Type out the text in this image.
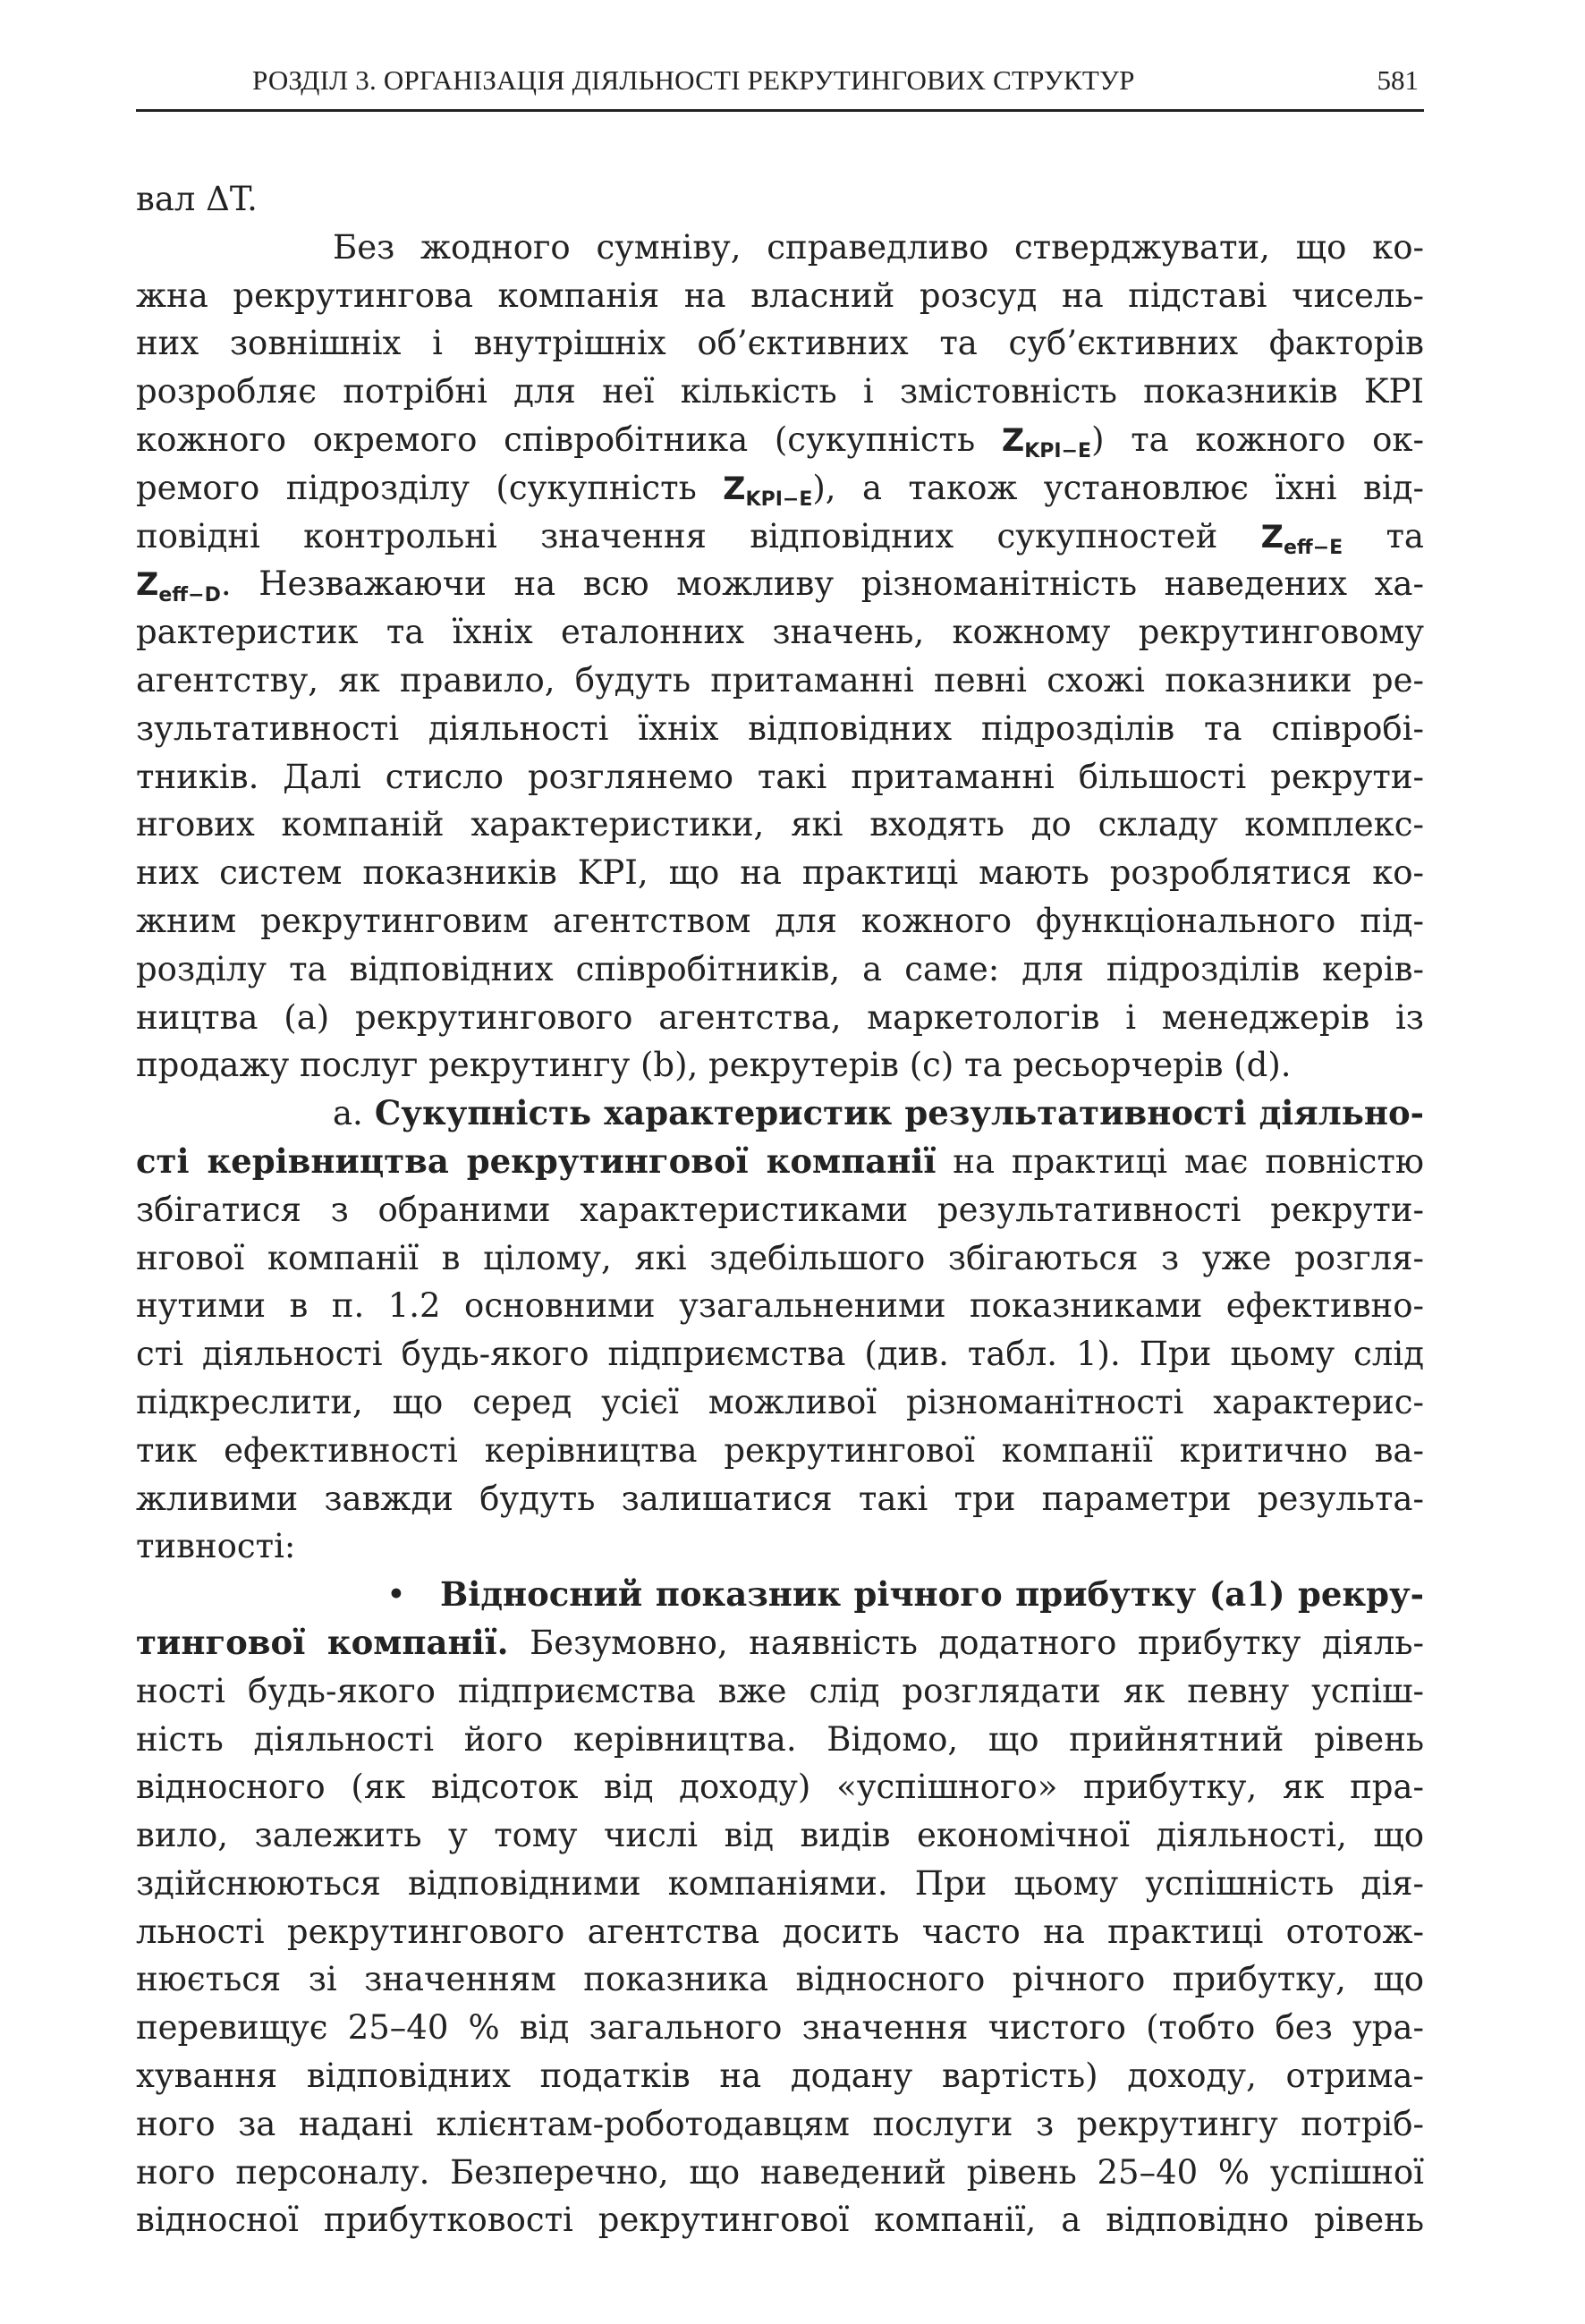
РОЗДІЛ 3. ОРГАНІЗАЦІЯ ДІЯЛЬНОСТІ РЕКРУТИНГОВИХ СТРУКТУР	581
вал ΔT.
Без жодного сумніву, справедливо стверджувати, що ко-
жна рекрутингова компанія на власний розсуд на підставі чисель-
них зовнішніх і внутрішніх об’єктивних та суб’єктивних факторів
розробляє потрібні для неї кількість і змістовність показників KPI
кожного окремого співробітника (сукупність $Z_{KPI-E}$) та кожного ок-
ремого підрозділу (сукупність $Z_{KPI-E}$), а також установлює їхні від-
повідні контрольні значення відповідних сукупностей $Z_{eff-E}$ та
$Z_{eff-D}$. Незважаючи на всю можливу різноманітність наведених ха-
рактеристик та їхніх еталонних значень, кожному рекрутинговому
агентству, як правило, будуть притаманні певні схожі показники ре-
зультативності діяльності їхніх відповідних підрозділів та співробі-
тників. Далі стисло розглянемо такі притаманні більшості рекрути-
нгових компаній характеристики, які входять до складу комплекс-
них систем показників KPI, що на практиці мають розроблятися ко-
жним рекрутинговим агентством для кожного функціонального під-
розділу та відповідних співробітників, а саме: для підрозділів керів-
ництва (a) рекрутингового агентства, маркетологів і менеджерів із
продажу послуг рекрутингу (b), рекрутерів (c) та ресьорчерів (d).
a. Сукупність характеристик результативності діяльно-
сті керівництва рекрутингової компанії на практиці має повністю
збігатися з обраними характеристиками результативності рекрути-
нгової компанії в цілому, які здебільшого збігаються з уже розгля-
нутими в п. 1.2 основними узагальненими показниками ефективно-
сті діяльності будь-якого підприємства (див. табл. 1). При цьому слід
підкреслити, що серед усієї можливої різноманітності характерис-
тик ефективності керівництва рекрутингової компанії критично ва-
жливими завжди будуть залишатися такі три параметри результа-
тивності:
• Відносний показник річного прибутку (a1) рекру-
тингової компанії. Безумовно, наявність додатного прибутку діяль-
ності будь-якого підприємства вже слід розглядати як певну успіш-
ність діяльності його керівництва. Відомо, що прийнятний рівень
відносного (як відсоток від доходу) «успішного» прибутку, як пра-
вило, залежить у тому числі від видів економічної діяльності, що
здійснюються відповідними компаніями. При цьому успішність дія-
льності рекрутингового агентства досить часто на практиці ототож-
нюється зі значенням показника відносного річного прибутку, що
перевищує 25–40 % від загального значення чистого (тобто без ура-
хування відповідних податків на додану вартість) доходу, отрима-
ного за надані клієнтам-роботодавцям послуги з рекрутингу потріб-
ного персоналу. Безперечно, що наведений рівень 25–40 % успішної
відносної прибутковості рекрутингової компанії, а відповідно рівень
